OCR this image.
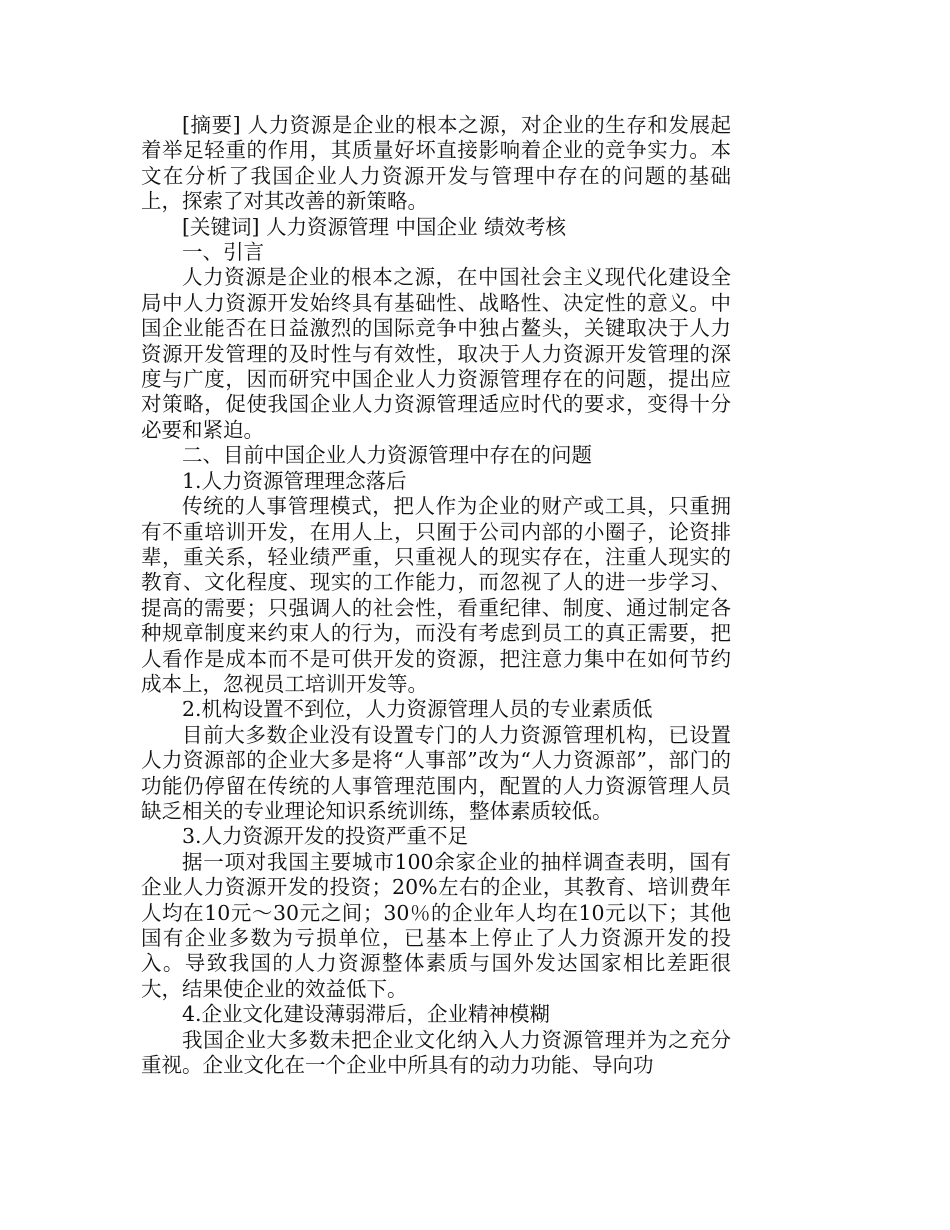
[摘要] 人力资源是企业的根本之源，对企业的生存和发展起着举足轻重的作用，其质量好坏直接影响着企业的竞争实力。本文在分析了我国企业人力资源开发与管理中存在的问题的基础上，探索了对其改善的新策略。

[关键词] 人力资源管理 中国企业 绩效考核

一、引言

人力资源是企业的根本之源，在中国社会主义现代化建设全局中人力资源开发始终具有基础性、战略性、决定性的意义。中国企业能否在日益激烈的国际竞争中独占鳌头，关键取决于人力资源开发管理的及时性与有效性，取决于人力资源开发管理的深度与广度，因而研究中国企业人力资源管理存在的问题，提出应对策略，促使我国企业人力资源管理适应时代的要求，变得十分必要和紧迫。

二、目前中国企业人力资源管理中存在的问题

1.人力资源管理理念落后

传统的人事管理模式，把人作为企业的财产或工具，只重拥有不重培训开发，在用人上，只囿于公司内部的小圈子，论资排辈，重关系，轻业绩严重，只重视人的现实存在，注重人现实的教育、文化程度、现实的工作能力，而忽视了人的进一步学习、提高的需要；只强调人的社会性，看重纪律、制度、通过制定各种规章制度来约束人的行为，而没有考虑到员工的真正需要，把人看作是成本而不是可供开发的资源，把注意力集中在如何节约成本上，忽视员工培训开发等。

2.机构设置不到位，人力资源管理人员的专业素质低

目前大多数企业没有设置专门的人力资源管理机构，已设置人力资源部的企业大多是将“人事部”改为“人力资源部”，部门的功能仍停留在传统的人事管理范围内，配置的人力资源管理人员缺乏相关的专业理论知识系统训练，整体素质较低。

3.人力资源开发的投资严重不足

据一项对我国主要城市100余家企业的抽样调查表明，国有企业人力资源开发的投资；20%左右的企业，其教育、培训费年人均在10元～30元之间；30％的企业年人均在10元以下；其他国有企业多数为亏损单位，已基本上停止了人力资源开发的投入。导致我国的人力资源整体素质与国外发达国家相比差距很大，结果使企业的效益低下。

4.企业文化建设薄弱滞后，企业精神模糊

我国企业大多数未把企业文化纳入人力资源管理并为之充分重视。企业文化在一个企业中所具有的动力功能、导向功
